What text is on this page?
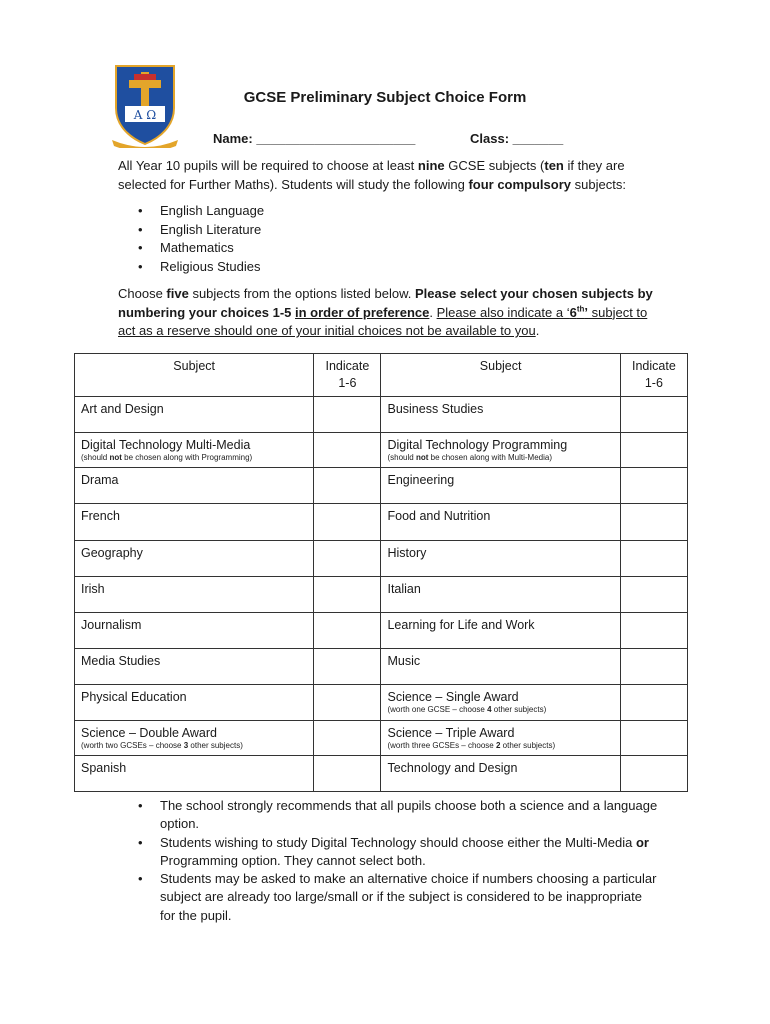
A Ω
GCSE Preliminary Subject Choice Form
Name: ______________________	Class: _______
All Year 10 pupils will be required to choose at least nine GCSE subjects (ten if they are selected for Further Maths). Students will study the following four compulsory subjects:
• English Language
• English Literature
• Mathematics
• Religious Studies
Choose five subjects from the options listed below. Please select your chosen subjects by numbering your choices 1-5 in order of preference. Please also indicate a ‘6th’ subject to act as a reserve should one of your initial choices not be available to you.
Subject	Indicate
1-6	Subject	Indicate
1-6

Art and Design		Business Studies	

Digital Technology Multi-Media
(should not be chosen along with Programming)		Digital Technology Programming
(should not be chosen along with Multi-Media)	

Drama		Engineering	

French		Food and Nutrition	

Geography		History	

Irish		Italian	

Journalism		Learning for Life and Work	

Media Studies		Music	

Physical Education		Science – Single Award
(worth one GCSE – choose 4 other subjects)	

Science – Double Award
(worth two GCSEs – choose 3 other subjects)		Science – Triple Award
(worth three GCSEs – choose 2 other subjects)	

Spanish		Technology and Design	

• The school strongly recommends that all pupils choose both a science and a language option.
• Students wishing to study Digital Technology should choose either the Multi-Media or Programming option. They cannot select both.
• Students may be asked to make an alternative choice if numbers choosing a particular subject are already too large/small or if the subject is considered to be inappropriate for the pupil.
